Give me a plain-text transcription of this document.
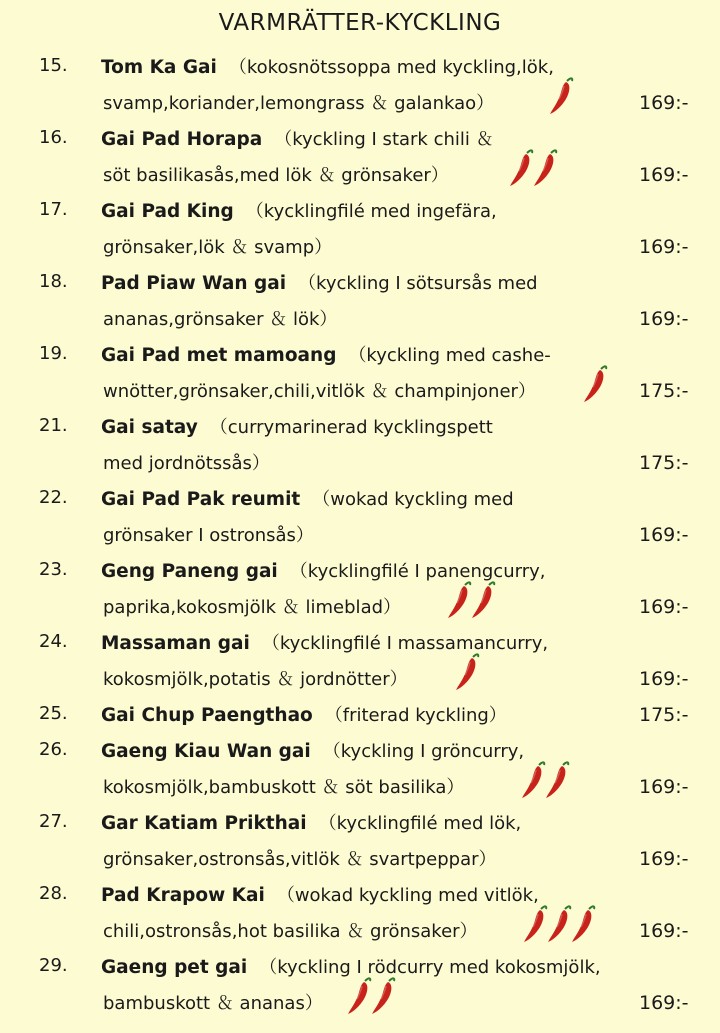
VARMRÄTTER-KYCKLING
15. Tom Ka Gai （kokosnötssoppa med kyckling,lök,
svamp,koriander,lemongrass ＆ galankao）	169:-
16. Gai Pad Horapa （kyckling I stark chili ＆
söt basilikasås,med lök ＆ grönsaker）	169:-
17. Gai Pad King （kycklingfilé med ingefära,
grönsaker,lök ＆ svamp）	169:-
18. Pad Piaw Wan gai （kyckling I sötsursås med
ananas,grönsaker ＆ lök）	169:-
19. Gai Pad met mamoang （kyckling med cashe-
wnötter,grönsaker,chili,vitlök ＆ champinjoner）	175:-
21. Gai satay （currymarinerad kycklingspett
med jordnötssås）	175:-
22. Gai Pad Pak reumit （wokad kyckling med
grönsaker I ostronsås）	169:-
23. Geng Paneng gai （kycklingfilé I panengcurry,
paprika,kokosmjölk ＆ limeblad）	169:-
24. Massaman gai （kycklingfilé I massamancurry,
kokosmjölk,potatis ＆ jordnötter）	169:-
25. Gai Chup Paengthao （friterad kyckling）	175:-
26. Gaeng Kiau Wan gai （kyckling I gröncurry,
kokosmjölk,bambuskott ＆ söt basilika）	169:-
27. Gar Katiam Prikthai （kycklingfilé med lök,
grönsaker,ostronsås,vitlök ＆ svartpeppar）	169:-
28. Pad Krapow Kai （wokad kyckling med vitlök,
chili,ostronsås,hot basilika ＆ grönsaker）	169:-
29. Gaeng pet gai （kyckling I rödcurry med kokosmjölk,
bambuskott ＆ ananas）	169:-
